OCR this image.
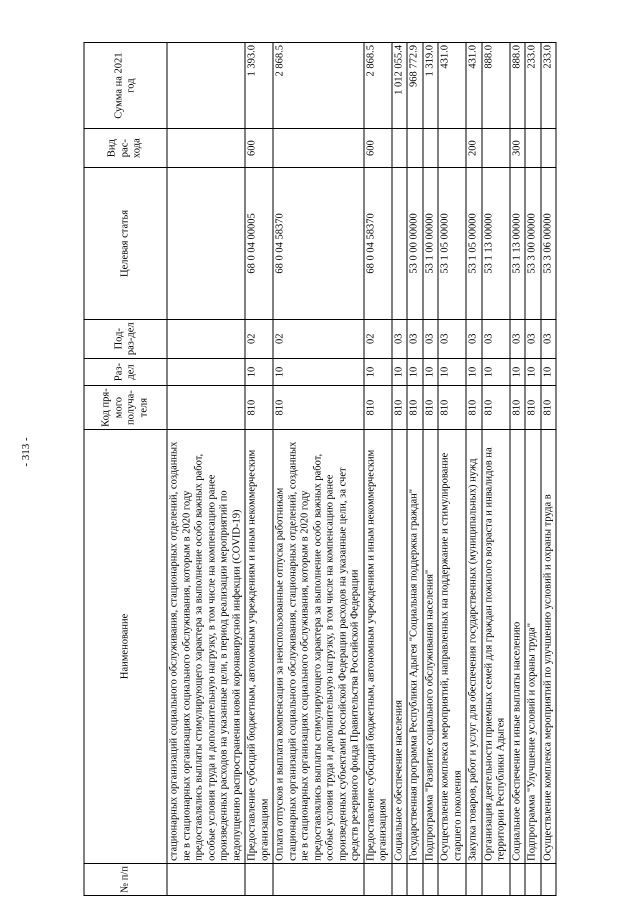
- 313 -
№ п/п	Наименование	Код пря-мого получа-теля	Раз-дел	Под-раз-дел	Целевая статья	Вид рас-хода	Сумма на 2021 год
	стационарных организаций социального обслуживания, стационарных отделений, созданных не в стационарных организациях социального обслуживания, которым в 2020 году предоставлялись выплаты стимулирующего характера за выполнение особо важных работ, особые условия труда и дополнительную нагрузку, в том числе на компенсацию ранее произведенных расходов на указанные цели, в период реализации мероприятий по недопущению распространения новой коронавирусной инфекции (COVID-19)						
	Предоставление субсидий бюджетным, автономным учреждениям и иным некоммерческим организациям	810	10	02	68 0 04 00005	600	1 393.0
	Оплата отпусков и выплата компенсации за неиспользованные отпуска работникам стационарных организаций социального обслуживания, стационарных отделений, созданных не в стационарных организациях социального обслуживания, которым в 2020 году предоставлялись выплаты стимулирующего характера за выполнение особо важных работ, особые условия труда и дополнительную нагрузку, в том числе на компенсацию ранее произведенных субъектами Российской Федерации расходов на указанные цели, за счет средств резервного фонда Правительства Российской Федерации	810	10	02	68 0 04 58370		2 868.5
	Предоставление субсидий бюджетным, автономным учреждениям и иным некоммерческим организациям	810	10	02	68 0 04 58370	600	2 868.5
	Социальное обеспечение населения	810	10	03			1 012 055.4
	Государственная программа Республики Адыгея "Социальная поддержка граждан"	810	10	03	53 0 00 00000		968 772.9
	Подпрограмма "Развитие социального обслуживания населения"	810	10	03	53 1 00 00000		1 319.0
	Осуществление комплекса мероприятий, направленных на поддержание и стимулирование старшего поколения	810	10	03	53 1 05 00000		431.0
	Закупка товаров, работ и услуг для обеспечения государственных (муниципальных) нужд	810	10	03	53 1 05 00000	200	431.0
	Организация деятельности приемных семей для граждан пожилого возраста и инвалидов на территории Республики Адыгея	810	10	03	53 1 13 00000		888.0
	Социальное обеспечение и иные выплаты населению	810	10	03	53 1 13 00000	300	888.0
	Подпрограмма "Улучшение условий и охраны труда"	810	10	03	53 3 00 00000		233.0
	Осуществление комплекса мероприятий по улучшению условий и охраны труда в	810	10	03	53 3 06 00000		233.0
